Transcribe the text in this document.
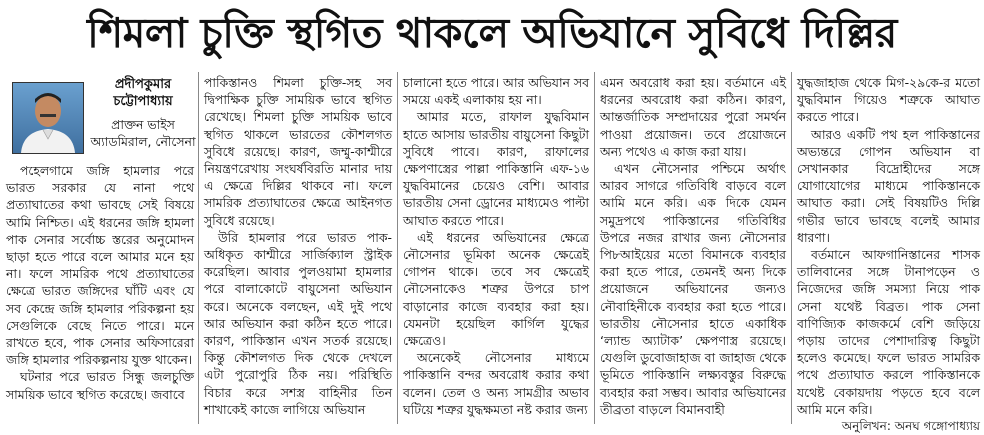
শিমলা চুক্তি স্থগিত থাকলে অভিযানে সুবিধে দিল্লির
প্রদীপকুমার
চট্টোপাধ্যায়
প্রাক্তন ভাইস
অ্যাডমিরাল, নৌসেনা

পহেলগামে জঙ্গি হামলার পরে ভারত সরকার যে নানা পথে প্রত্যাঘাতের কথা ভাবছে সেই বিষয়ে আমি নিশ্চিত। এই ধরনের জঙ্গি হামলা পাক সেনার সর্বোচ্চ স্তরের অনুমোদন ছাড়া হতে পারে বলে আমার মনে হয় না। ফলে সামরিক পথে প্রত্যাঘাতের ক্ষেত্রে ভারত জঙ্গিদের ঘাঁটি এবং যে সব কেন্দ্রে জঙ্গি হামলার পরিকল্পনা হয় সেগুলিকে বেছে নিতে পারে। মনে রাখতে হবে, পাক সেনার অফিসারেরা জঙ্গি হামলার পরিকল্পনায় যুক্ত থাকেন।

ঘটনার পরে ভারত সিন্ধু জলচুক্তি সাময়িক ভাবে স্থগিত করেছে। জবাবে

পাকিস্তানও শিমলা চুক্তি-সহ সব দ্বিপাক্ষিক চুক্তি সাময়িক ভাবে স্থগিত রেখেছে। শিমলা চুক্তি সাময়িক ভাবে স্থগিত থাকলে ভারতের কৌশলগত সুবিধে রয়েছে। কারণ, জম্মু-কাশ্মীরে নিয়ন্ত্রণরেখায় সংঘর্ষবিরতি মানার দায় এ ক্ষেত্রে দিল্লির থাকবে না। ফলে সামরিক প্রত্যাঘাতের ক্ষেত্রে আইনগত সুবিধে রয়েছে।

উরি হামলার পরে ভারত পাক-অধিকৃত কাশ্মীরে সার্জিক্যাল স্ট্রাইক করেছিল। আবার পুলওয়ামা হামলার পরে বালাকোটে বায়ুসেনা অভিযান করে। অনেকে বলছেন, এই দুই পথে আর অভিযান করা কঠিন হতে পারে। কারণ, পাকিস্তান এখন সতর্ক রয়েছে। কিন্তু কৌশলগত দিক থেকে দেখলে এটা পুরোপুরি ঠিক নয়। পরিস্থিতি বিচার করে সশস্ত্র বাহিনীর তিন শাখাকেই কাজে লাগিয়ে অভিযান

চালানো হতে পারে। আর অভিযান সব সময়ে একই এলাকায় হয় না।

আমার মতে, রাফাল যুদ্ধবিমান হাতে আসায় ভারতীয় বায়ুসেনা কিছুটা সুবিধে পাবে। কারণ, রাফালের ক্ষেপণাস্ত্রের পাল্লা পাকিস্তানি এফ-১৬ যুদ্ধবিমানের চেয়েও বেশি। আবার ভারতীয় সেনা ড্রোনের মাধ্যমেও পাল্টা আঘাত করতে পারে।

এই ধরনের অভিযানের ক্ষেত্রে নৌসেনার ভূমিকা অনেক ক্ষেত্রেই গোপন থাকে। তবে সব ক্ষেত্রেই নৌসেনাকেও শত্রুর উপরে চাপ বাড়ানোর কাজে ব্যবহার করা হয়। যেমনটা হয়েছিল কার্গিল যুদ্ধের ক্ষেত্রেও।

অনেকেই নৌসেনার মাধ্যমে পাকিস্তানি বন্দর অবরোধ করার কথা বলেন। তেল ও অন্য সামগ্রীর অভাব ঘটিয়ে শত্রুর যুদ্ধক্ষমতা নষ্ট করার জন্য

এমন অবরোধ করা হয়। বর্তমানে এই ধরনের অবরোধ করা কঠিন। কারণ, আন্তর্জাতিক সম্প্রদায়ের পুরো সমর্থন পাওয়া প্রয়োজন। তবে প্রয়োজনে অন্য পথেও এ কাজ করা যায়।

এখন নৌসেনার পশ্চিমে অর্থাৎ আরব সাগরে গতিবিধি বাড়বে বলে আমি মনে করি। এক দিকে যেমন সমুদ্রপথে পাকিস্তানের গতিবিধির উপরে নজর রাখার জন্য নৌসেনার পি৮আইয়ের মতো বিমানকে ব্যবহার করা হতে পারে, তেমনই অন্য দিকে প্রয়োজনে অভিযানের জন্যও নৌবাহিনীকে ব্যবহার করা হতে পারে। ভারতীয় নৌসেনার হাতে একাধিক ‘ল্যান্ড অ্যাটাক’ ক্ষেপণাস্ত্র রয়েছে। যেগুলি ডুবোজাহাজ বা জাহাজ থেকে ভূমিতে পাকিস্তানি লক্ষ্যবস্তুর বিরুদ্ধে ব্যবহার করা সম্ভব। আবার অভিযানের তীব্রতা বাড়লে বিমানবাহী

যুদ্ধজাহাজ থেকে মিগ-২৯কে-র মতো যুদ্ধবিমান গিয়েও শত্রুকে আঘাত করতে পারে।

আরও একটি পথ হল পাকিস্তানের অভ্যন্তরে গোপন অভিযান বা সেখানকার বিদ্রোহীদের সঙ্গে যোগাযোগের মাধ্যমে পাকিস্তানকে আঘাত করা। সেই বিষয়টিও দিল্লি গভীর ভাবে ভাবছে বলেই আমার ধারণা।

বর্তমানে আফগানিস্তানের শাসক তালিবানের সঙ্গে টানাপড়েন ও নিজেদের জঙ্গি সমস্যা নিয়ে পাক সেনা যথেষ্ট বিব্রত। পাক সেনা বাণিজ্যিক কাজকর্মে বেশি জড়িয়ে পড়ায় তাদের পেশাদারিত্ব কিছুটা হলেও কমেছে। ফলে ভারত সামরিক পথে প্রত্যাঘাত করলে পাকিস্তানকে যথেষ্ট বেকায়দায় পড়তে হবে বলে আমি মনে করি।

অনুলিখন: অনঘ গঙ্গোপাধ্যায়
